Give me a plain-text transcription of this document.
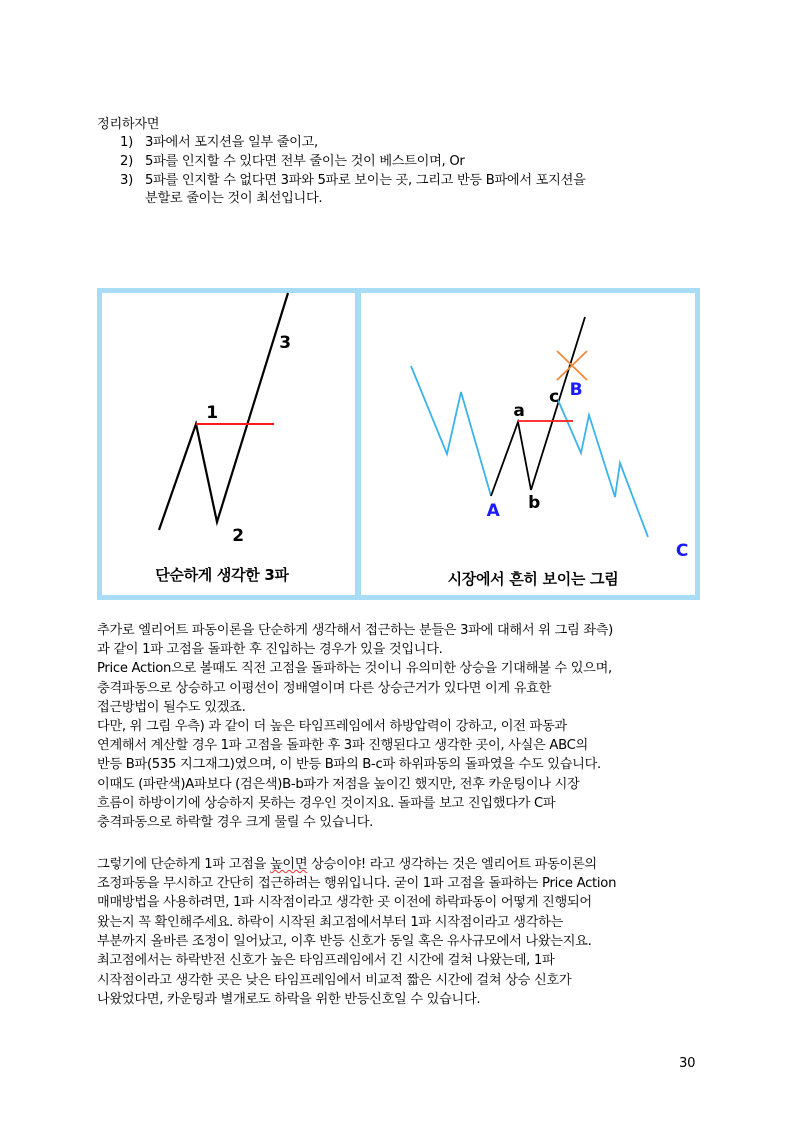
정리하자면
1) 3파에서 포지션을 일부 줄이고,
2) 5파를 인지할 수 있다면 전부 줄이는 것이 베스트이며, Or
3) 5파를 인지할 수 없다면 3파와 5파로 보이는 곳, 그리고 반등 B파에서 포지션을
분할로 줄이는 것이 최선입니다.
1
2
3
단순하게 생각한 3파
A
a
b
c B
C
시장에서 흔히 보이는 그림
추가로 엘리어트 파동이론을 단순하게 생각해서 접근하는 분들은 3파에 대해서 위 그림 좌측)
과 같이 1파 고점을 돌파한 후 진입하는 경우가 있을 것입니다.
Price Action으로 볼때도 직전 고점을 돌파하는 것이니 유의미한 상승을 기대해볼 수 있으며,
충격파동으로 상승하고 이평선이 정배열이며 다른 상승근거가 있다면 이게 유효한
접근방법이 될수도 있겠죠.
다만, 위 그림 우측) 과 같이 더 높은 타임프레임에서 하방압력이 강하고, 이전 파동과
연계해서 계산할 경우 1파 고점을 돌파한 후 3파 진행된다고 생각한 곳이, 사실은 ABC의
반등 B파(535 지그재그)였으며, 이 반등 B파의 B-c파 하위파동의 돌파였을 수도 있습니다.
이때도 (파란색)A파보다 (검은색)B-b파가 저점을 높이긴 했지만, 전후 카운팅이나 시장
흐름이 하방이기에 상승하지 못하는 경우인 것이지요. 돌파를 보고 진입했다가 C파
충격파동으로 하락할 경우 크게 물릴 수 있습니다.
그렇기에 단순하게 1파 고점을 높이면 상승이야! 라고 생각하는 것은 엘리어트 파동이론의
조정파동을 무시하고 간단히 접근하려는 행위입니다. 굳이 1파 고점을 돌파하는 Price Action
매매방법을 사용하려면, 1파 시작점이라고 생각한 곳 이전에 하락파동이 어떻게 진행되어
왔는지 꼭 확인해주세요. 하락이 시작된 최고점에서부터 1파 시작점이라고 생각하는
부분까지 올바른 조정이 일어났고, 이후 반등 신호가 동일 혹은 유사규모에서 나왔는지요.
최고점에서는 하락반전 신호가 높은 타임프레임에서 긴 시간에 걸쳐 나왔는데, 1파
시작점이라고 생각한 곳은 낮은 타임프레임에서 비교적 짧은 시간에 걸쳐 상승 신호가
나왔었다면, 카운팅과 별개로도 하락을 위한 반등신호일 수 있습니다.
30
